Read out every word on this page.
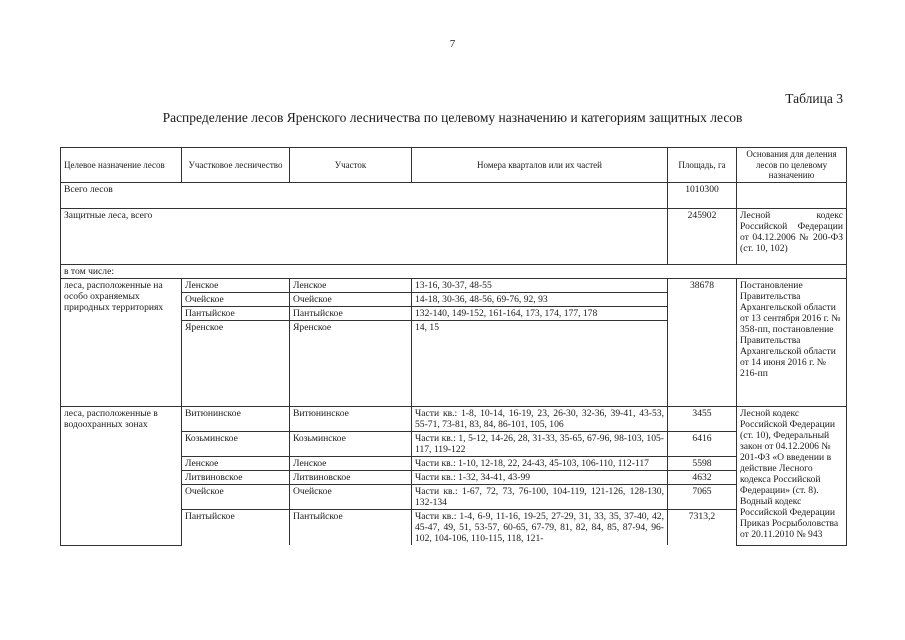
7
Таблица 3
Распределение лесов Яренского лесничества по целевому назначению и категориям защитных лесов
Целевое назначение лесов	Участковое лесничество	Участок	Номера кварталов или их частей	Площадь, га	Основания для деления лесов по целевому назначению
Всего лесов				1010300	
Защитные леса, всего				245902	Лесной кодекс Российской Федерации от 04.12.2006 № 200-ФЗ (ст. 10, 102)
в том числе:					
леса, расположенные на особо охраняемых природных территориях	Ленское	Ленское	13-16, 30-37, 48-55	38678	Постановление Правительства Архангельской области от 13 сентября 2016 г. № 358-пп, постановление Правительства Архангельской области от 14 июня 2016 г. № 216-пп
	Очейское	Очейское	14-18, 30-36, 48-56, 69-76, 92, 93		
	Пантыйское	Пантыйское	132-140, 149-152, 161-164, 173, 174, 177, 178		
	Яренское	Яренское	14, 15		
леса, расположенные в водоохранных зонах	Витюнинское	Витюнинское	Части кв.: 1-8, 10-14, 16-19, 23, 26-30, 32-36, 39-41, 43-53, 55-71, 73-81, 83, 84, 86-101, 105, 106	3455	Лесной кодекс Российской Федерации (ст. 10), Федеральный закон от 04.12.2006 № 201-ФЗ «О введении в действие Лесного кодекса Российской Федерации» (ст. 8). Водный кодекс Российской Федерации Приказ Росрыболовства от 20.11.2010 № 943
	Козьминское	Козьминское	Части кв.: 1, 5-12, 14-26, 28, 31-33, 35-65, 67-96, 98-103, 105-117, 119-122	6416	
	Ленское	Ленское	Части кв.: 1-10, 12-18, 22, 24-43, 45-103, 106-110, 112-117	5598	
	Литвиновское	Литвиновское	Части кв.: 1-32, 34-41, 43-99	4632	
	Очейское	Очейское	Части кв.: 1-67, 72, 73, 76-100, 104-119, 121-126, 128-130, 132-134	7065	
	Пантыйское	Пантыйское	Части кв.: 1-4, 6-9, 11-16, 19-25, 27-29, 31, 33, 35, 37-40, 42, 45-47, 49, 51, 53-57, 60-65, 67-79, 81, 82, 84, 85, 87-94, 96-102, 104-106, 110-115, 118, 121-	7313,2	
